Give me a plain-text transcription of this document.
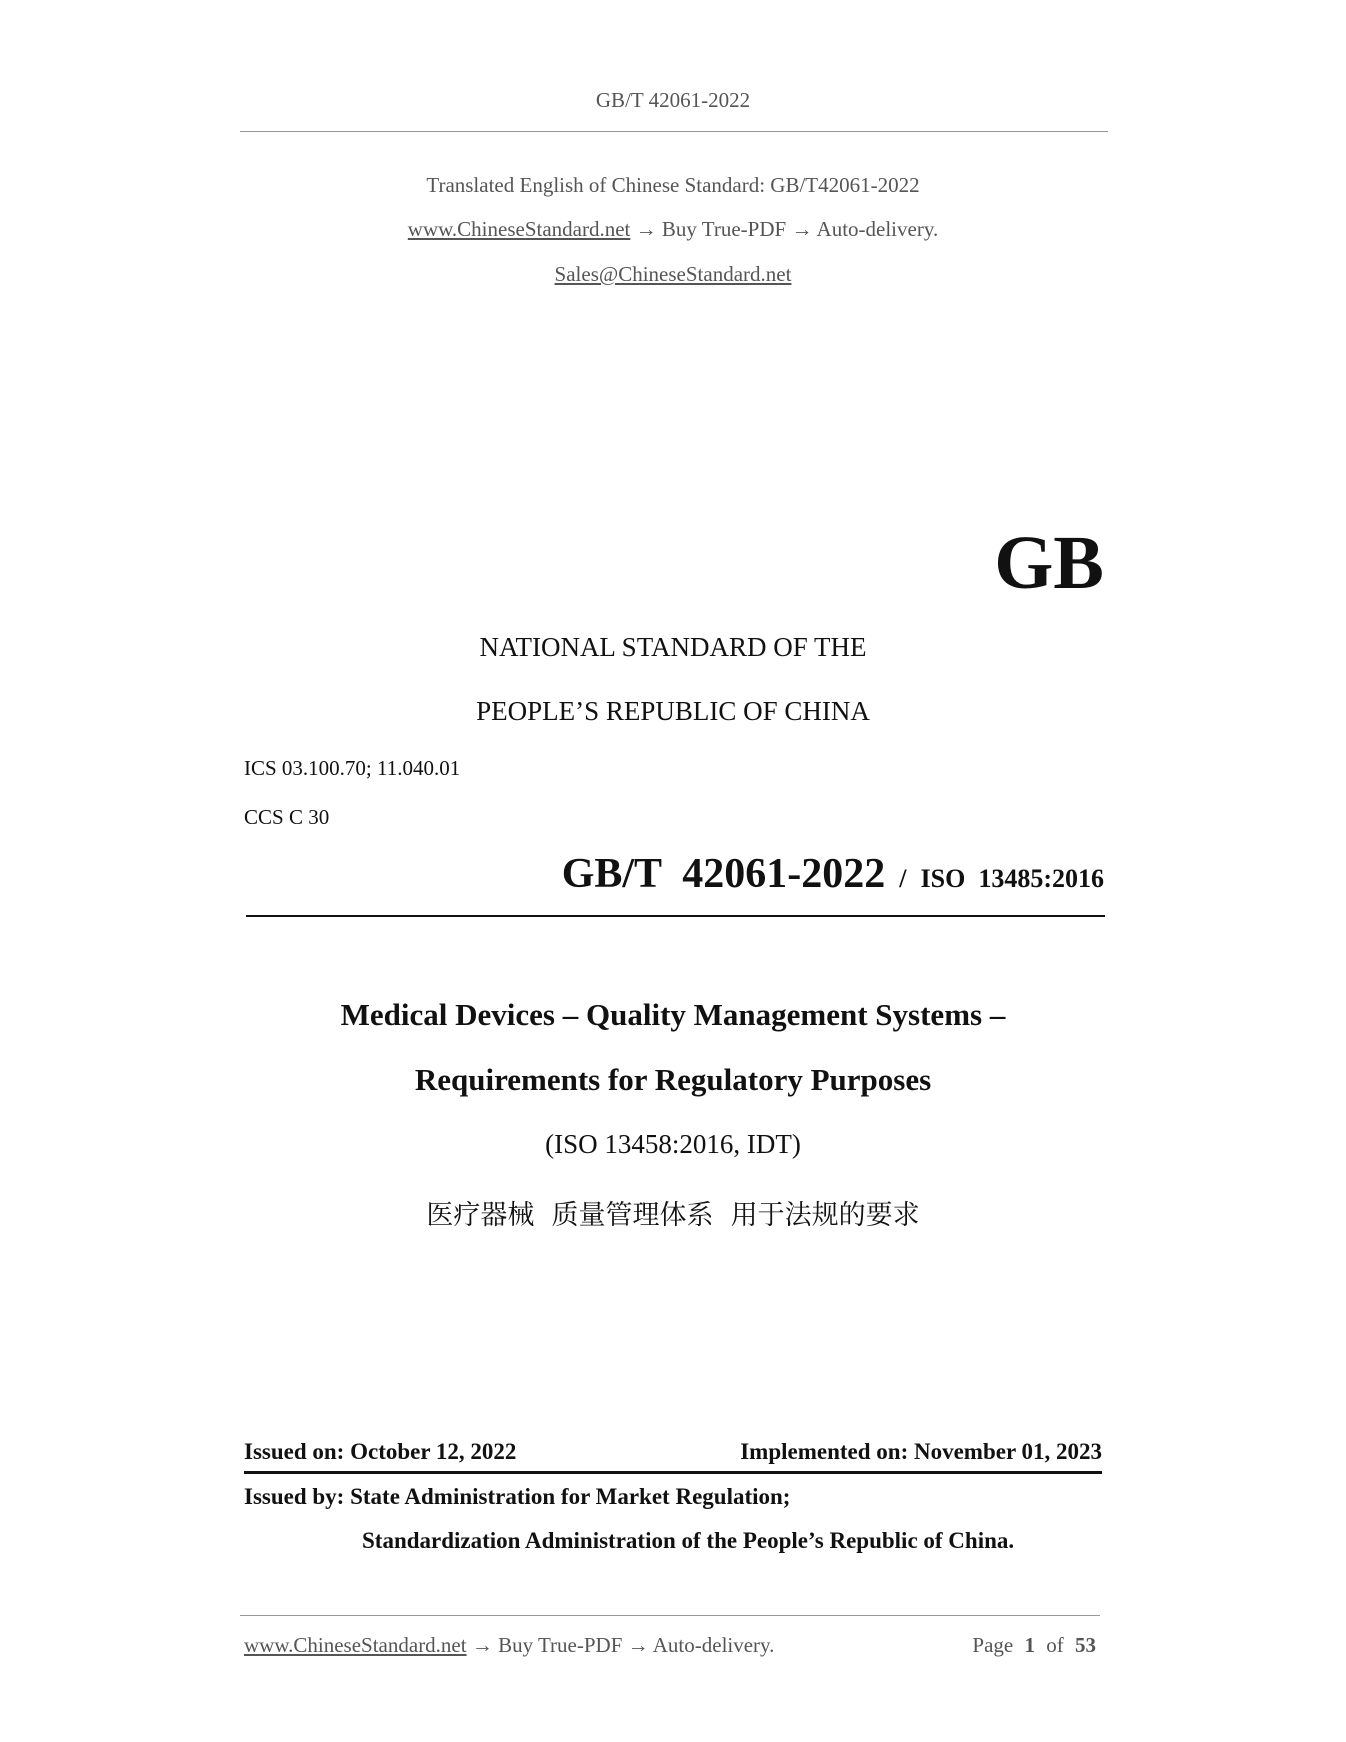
GB/T 42061-2022
Translated English of Chinese Standard: GB/T42061-2022
www.ChineseStandard.net → Buy True-PDF → Auto-delivery.
Sales@ChineseStandard.net
GB
NATIONAL STANDARD OF THE
PEOPLE’S REPUBLIC OF CHINA
ICS 03.100.70; 11.040.01
CCS C 30
GB/T  42061-2022 / ISO  13485:2016
Medical Devices – Quality Management Systems –
Requirements for Regulatory Purposes
(ISO 13458:2016, IDT)
医疗器械  质量管理体系  用于法规的要求
Issued on: October 12, 2022	Implemented on: November 01, 2023
Issued by: State Administration for Market Regulation;
Standardization Administration of the People’s Republic of China.
www.ChineseStandard.net → Buy True-PDF → Auto-delivery.	Page 1 of 53
